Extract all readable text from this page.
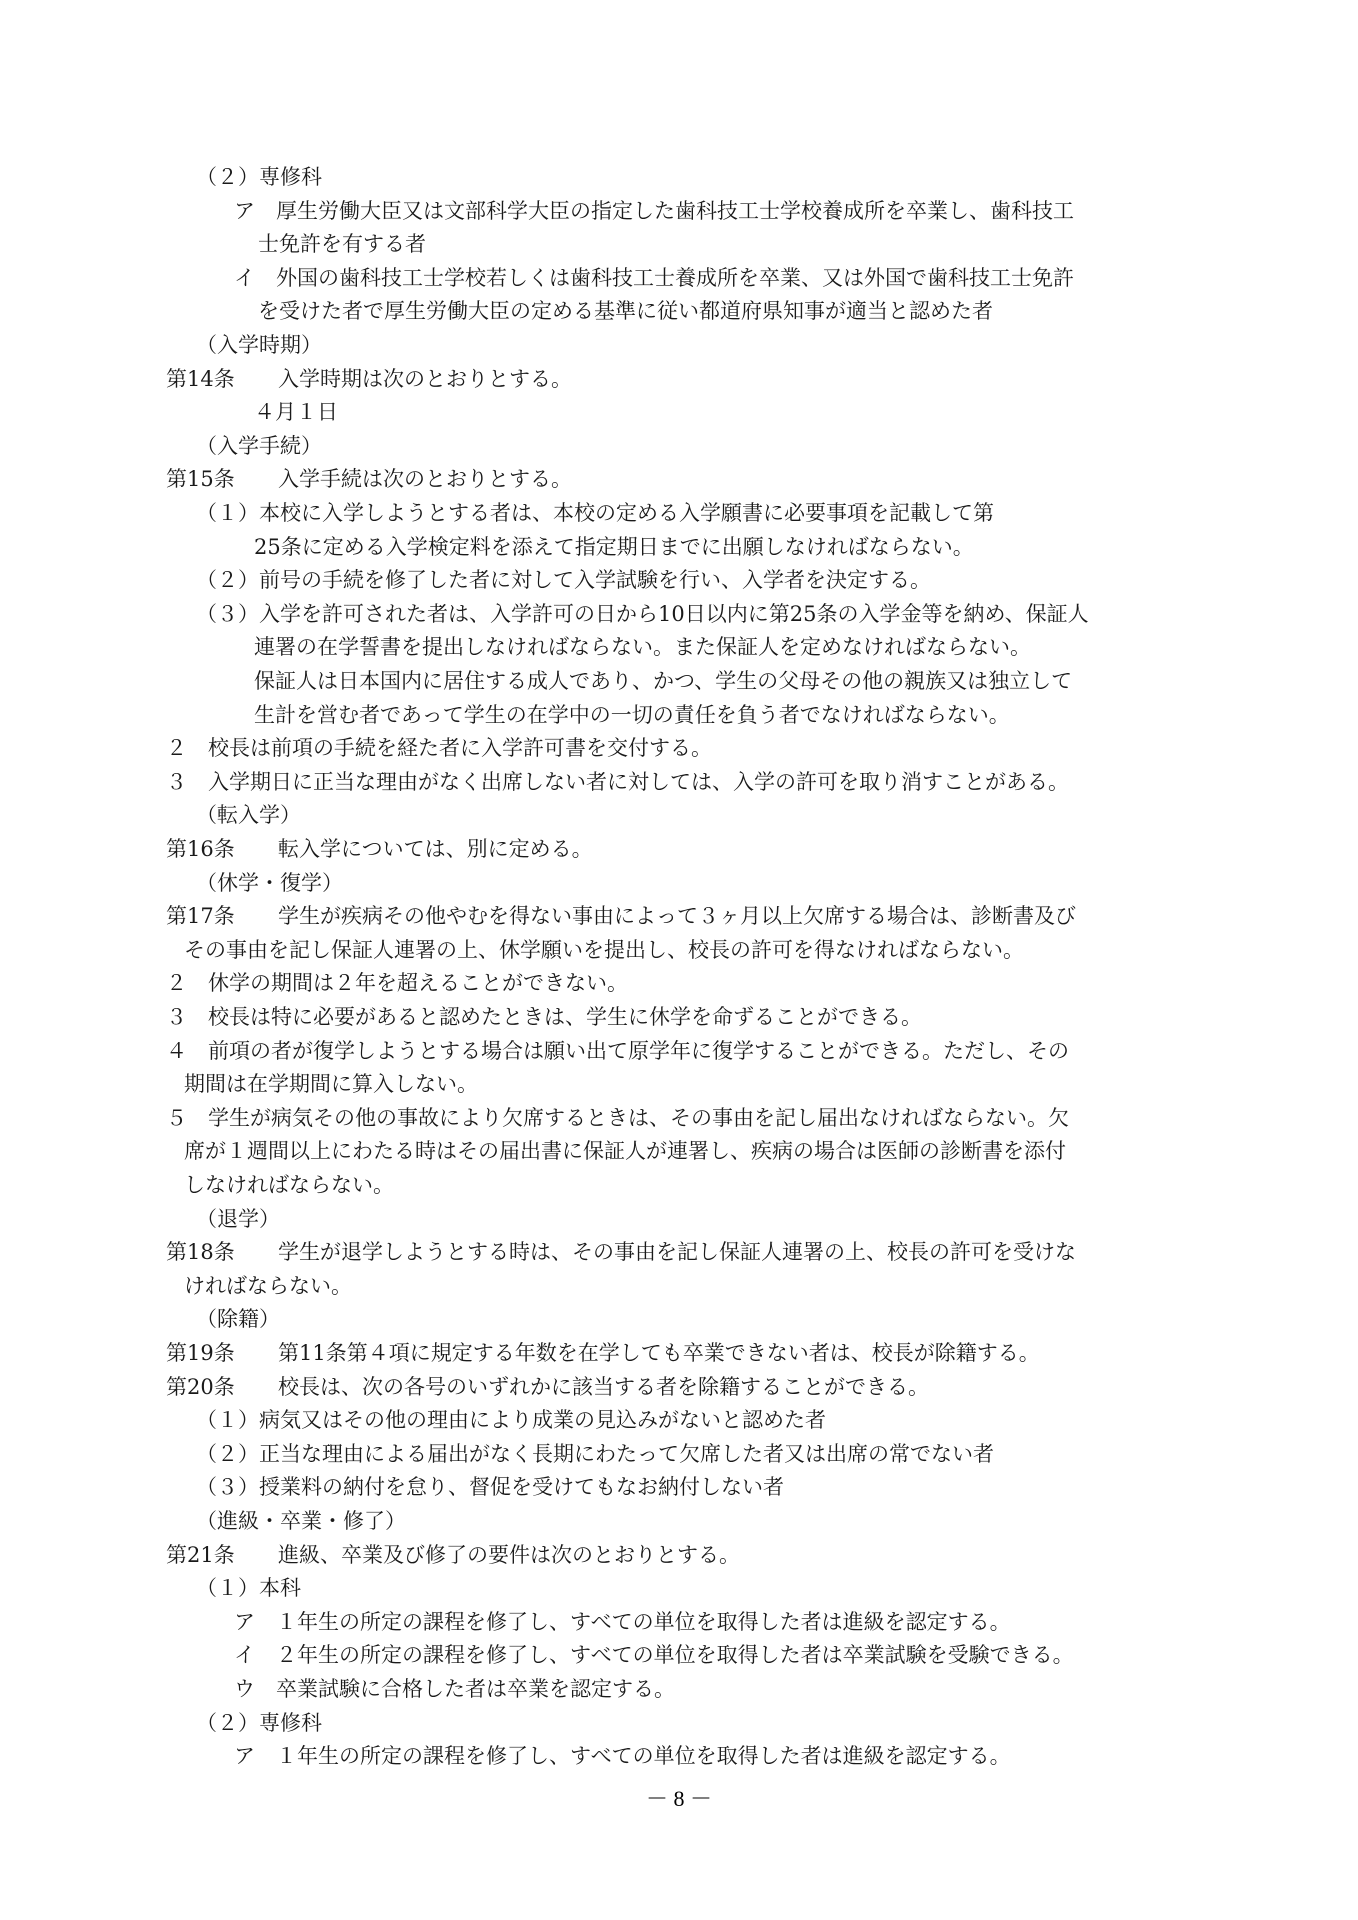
（２）専修科
ア　厚生労働大臣又は文部科学大臣の指定した歯科技工士学校養成所を卒業し、歯科技工
士免許を有する者
イ　外国の歯科技工士学校若しくは歯科技工士養成所を卒業、又は外国で歯科技工士免許
を受けた者で厚生労働大臣の定める基準に従い都道府県知事が適当と認めた者
（入学時期）
第14条 入学時期は次のとおりとする。
４月１日
（入学手続）
第15条 入学手続は次のとおりとする。
（１）本校に入学しようとする者は、本校の定める入学願書に必要事項を記載して第
25条に定める入学検定料を添えて指定期日までに出願しなければならない。
（２）前号の手続を修了した者に対して入学試験を行い、入学者を決定する。
（３）入学を許可された者は、入学許可の日から10日以内に第25条の入学金等を納め、保証人
連署の在学誓書を提出しなければならない。また保証人を定めなければならない。
保証人は日本国内に居住する成人であり、かつ、学生の父母その他の親族又は独立して
生計を営む者であって学生の在学中の一切の責任を負う者でなければならない。
２　校長は前項の手続を経た者に入学許可書を交付する。
３　入学期日に正当な理由がなく出席しない者に対しては、入学の許可を取り消すことがある。
（転入学）
第16条 転入学については、別に定める。
（休学・復学）
第17条 学生が疾病その他やむを得ない事由によって３ヶ月以上欠席する場合は、診断書及び
その事由を記し保証人連署の上、休学願いを提出し、校長の許可を得なければならない。
２　休学の期間は２年を超えることができない。
３　校長は特に必要があると認めたときは、学生に休学を命ずることができる。
４　前項の者が復学しようとする場合は願い出て原学年に復学することができる。ただし、その
期間は在学期間に算入しない。
５　学生が病気その他の事故により欠席するときは、その事由を記し届出なければならない。欠
席が１週間以上にわたる時はその届出書に保証人が連署し、疾病の場合は医師の診断書を添付
しなければならない。
（退学）
第18条 学生が退学しようとする時は、その事由を記し保証人連署の上、校長の許可を受けな
ければならない。
（除籍）
第19条 第11条第４項に規定する年数を在学しても卒業できない者は、校長が除籍する。
第20条 校長は、次の各号のいずれかに該当する者を除籍することができる。
（１）病気又はその他の理由により成業の見込みがないと認めた者
（２）正当な理由による届出がなく長期にわたって欠席した者又は出席の常でない者
（３）授業料の納付を怠り、督促を受けてもなお納付しない者
（進級・卒業・修了）
第21条 進級、卒業及び修了の要件は次のとおりとする。
（１）本科
ア　１年生の所定の課程を修了し、すべての単位を取得した者は進級を認定する。
イ　２年生の所定の課程を修了し、すべての単位を取得した者は卒業試験を受験できる。
ウ　卒業試験に合格した者は卒業を認定する。
（２）専修科
ア　１年生の所定の課程を修了し、すべての単位を取得した者は進級を認定する。
－ 8 －
